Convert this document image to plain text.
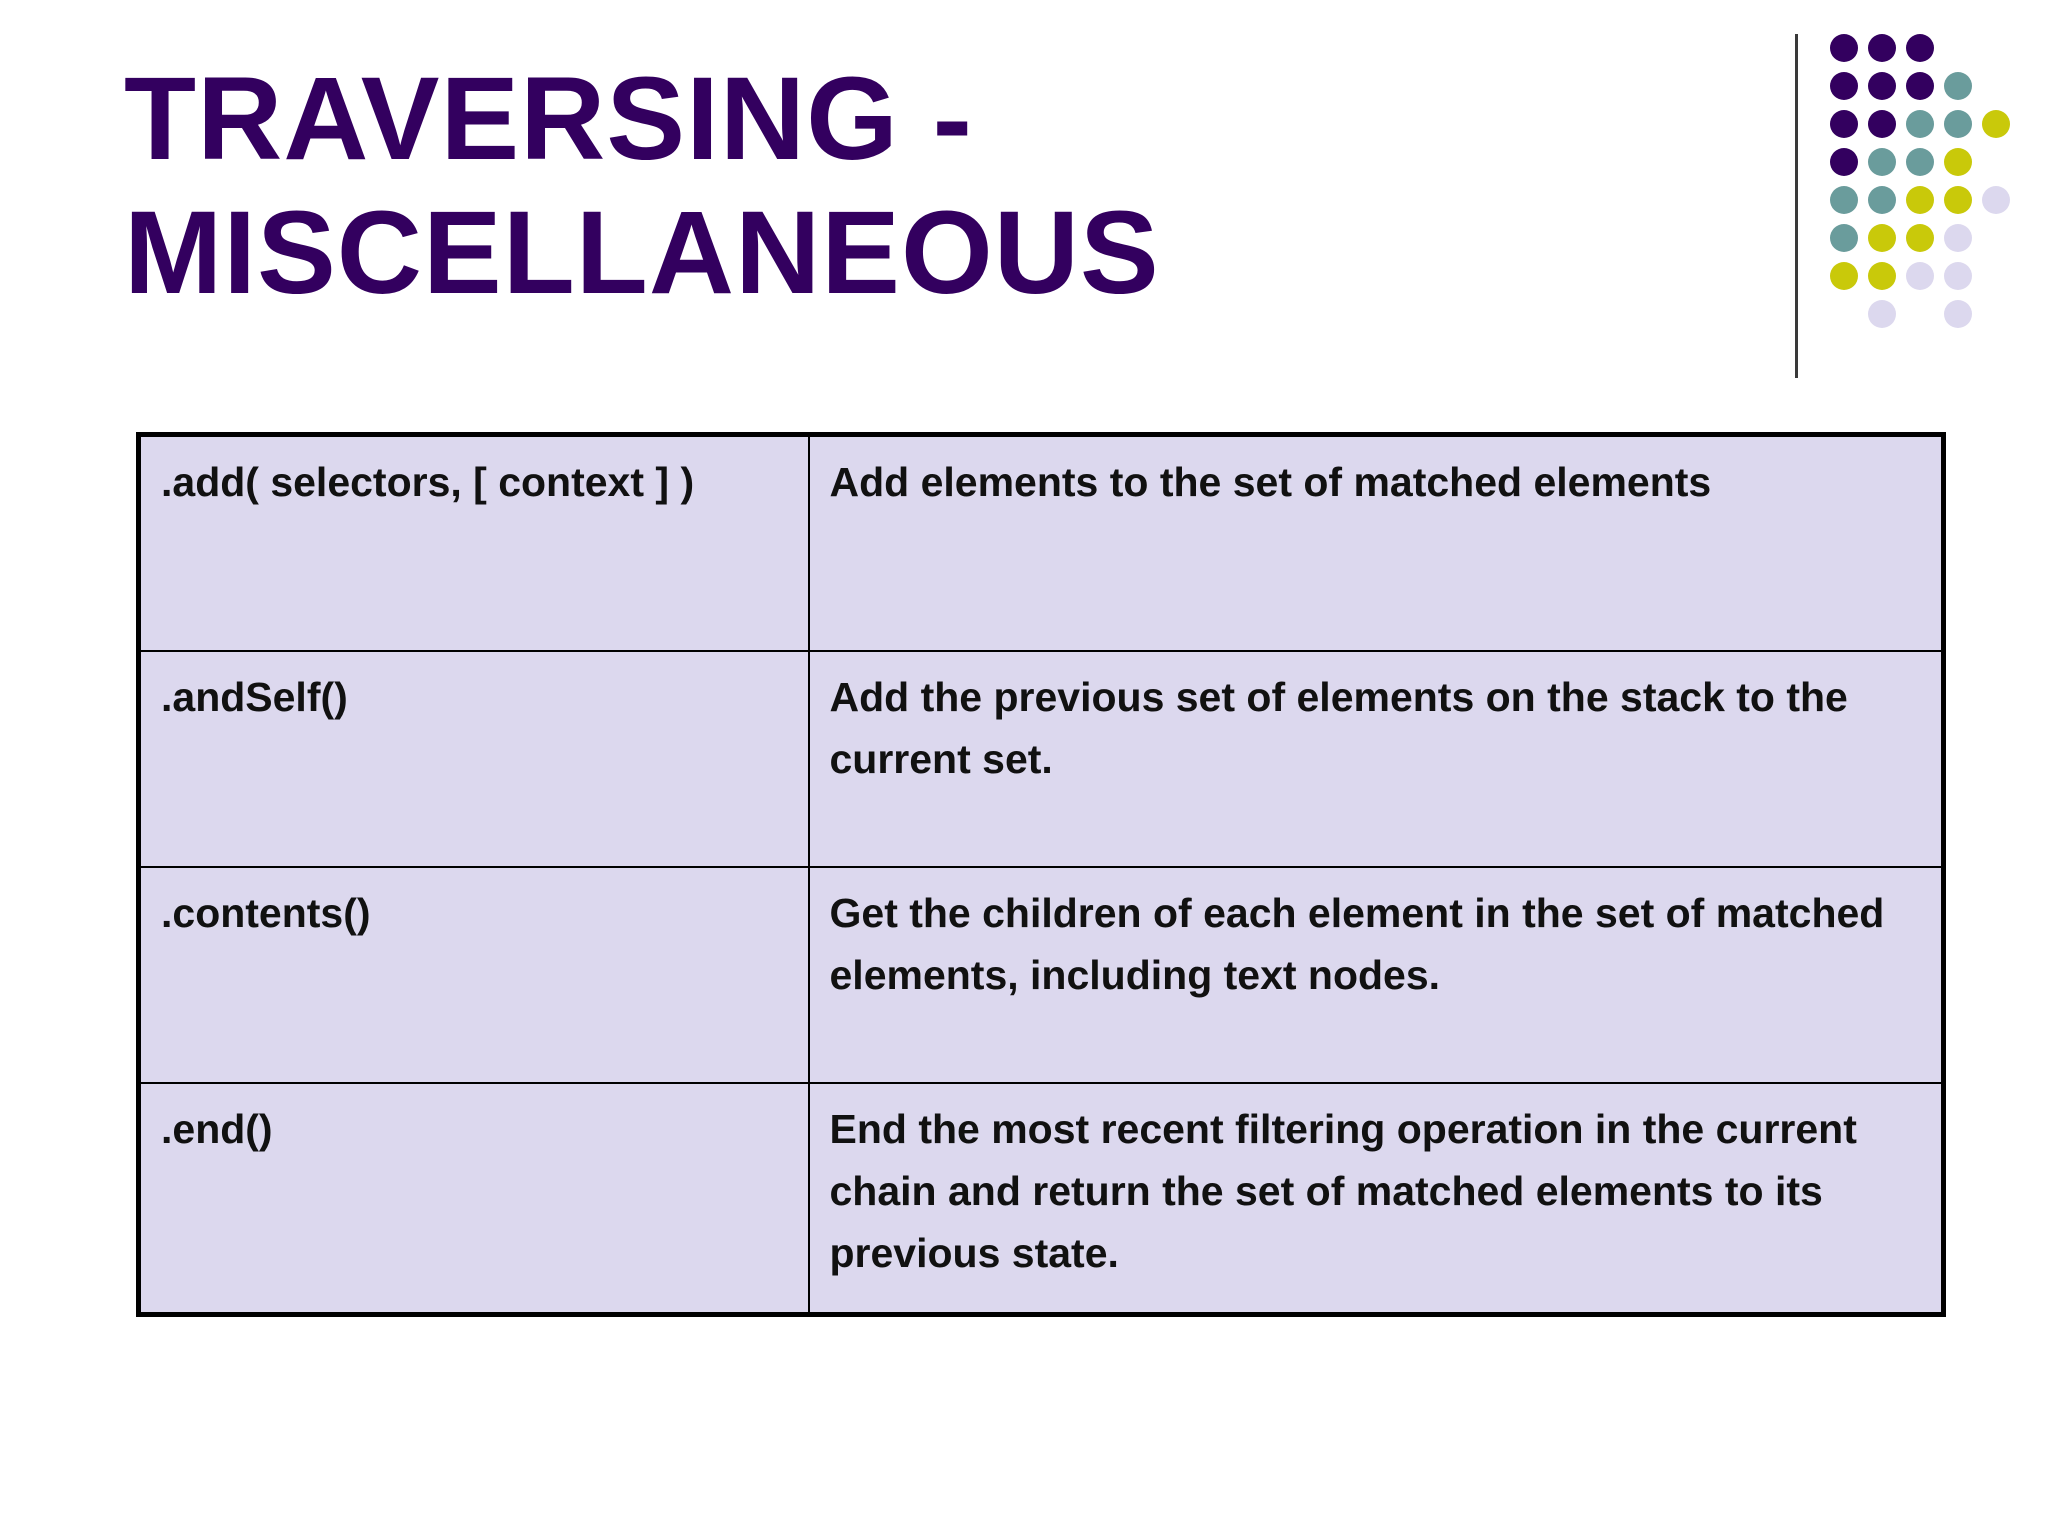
TRAVERSING -
MISCELLANEOUS
.add( selectors, [ context ] )	Add elements to the set of matched elements
.andSelf()	Add the previous set of elements on the stack to the current set.
.contents()	Get the children of each element in the set of matched elements, including text nodes.
.end()	End the most recent filtering operation in the current chain and return the set of matched elements to its previous state.
